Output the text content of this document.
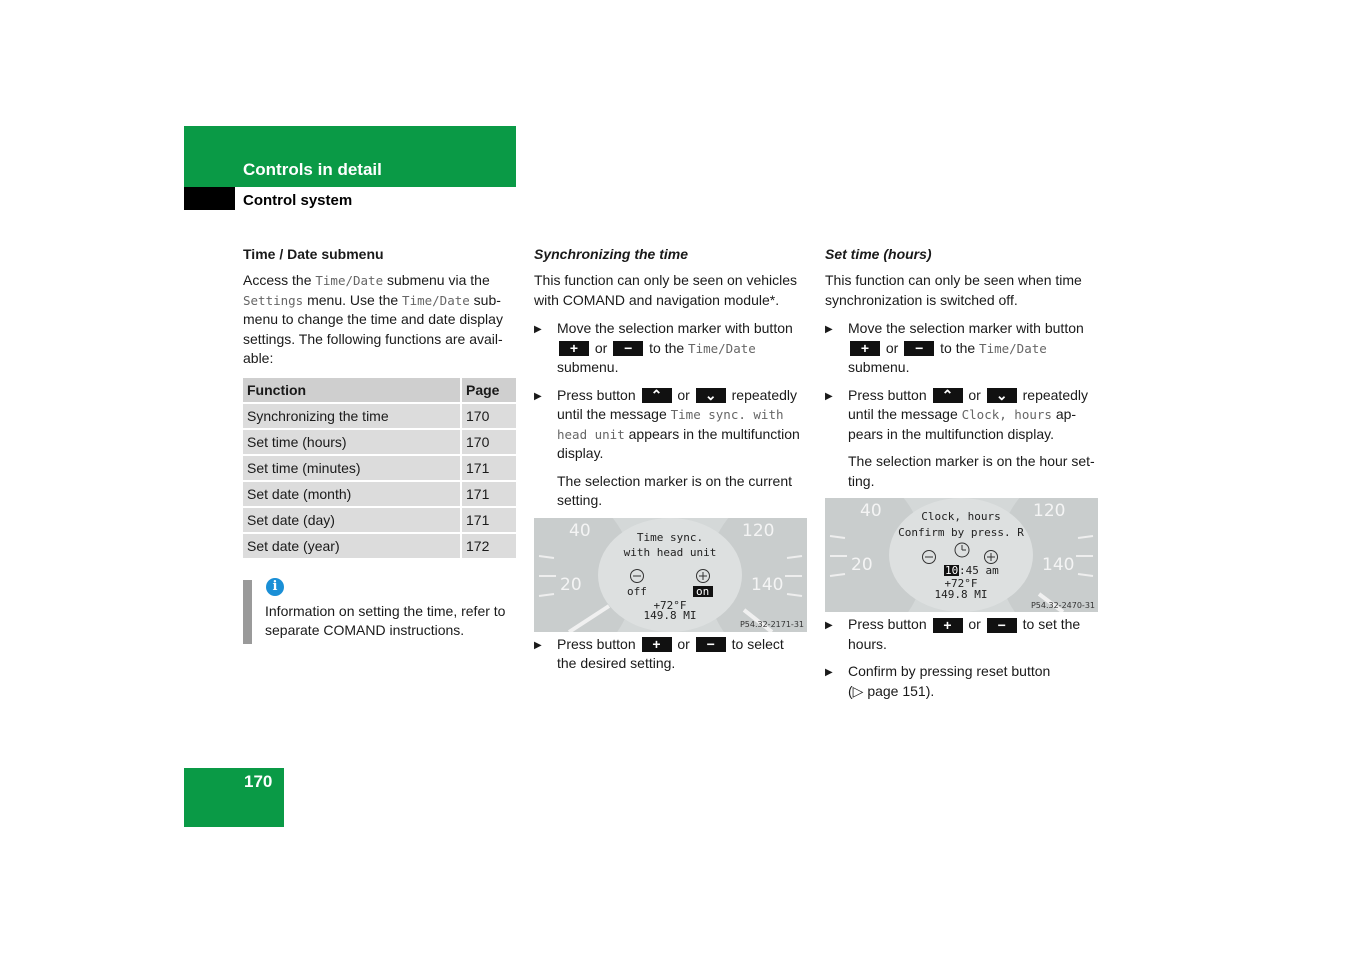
Controls in detail
Control system
Time / Date submenu

Access the Time/Date submenu via the Settings menu. Use the Time/Date sub-menu to change the time and date display settings. The following functions are avail-able:

Function	Page
Synchronizing the time	170
Set time (hours)	170
Set time (minutes)	171
Set date (month)	171
Set date (day)	171
Set date (year)	172
i

Information on setting the time, refer to separate COMAND instructions.

Synchronizing the time

This function can only be seen on vehicles with COMAND and navigation module*.

▶ Move the selection marker with button + or − to the Time/Date submenu.

▶ Press button ⌃ or ⌄ repeatedly until the message Time sync. with head unit appears in the multifunction display.

The selection marker is on the current setting.

40
20
120
140
Time sync.
with head unit
off	on
+72°F
149.8 MI
P54.32-2171-31

▶ Press button + or − to select the desired setting.

Set time (hours)

This function can only be seen when time synchronization is switched off.

▶ Move the selection marker with button + or − to the Time/Date submenu.

▶ Press button ⌃ or ⌄ repeatedly until the message Clock, hours ap-pears in the multifunction display.

The selection marker is on the hour set-ting.

40
20
120
140
Clock, hours
Confirm by press. R
10 :45 am
+72°F
149.8 MI
P54.32-2470-31

▶ Press button + or − to set the hours.

▶ Confirm by pressing reset button
(▷ page 151).

170
